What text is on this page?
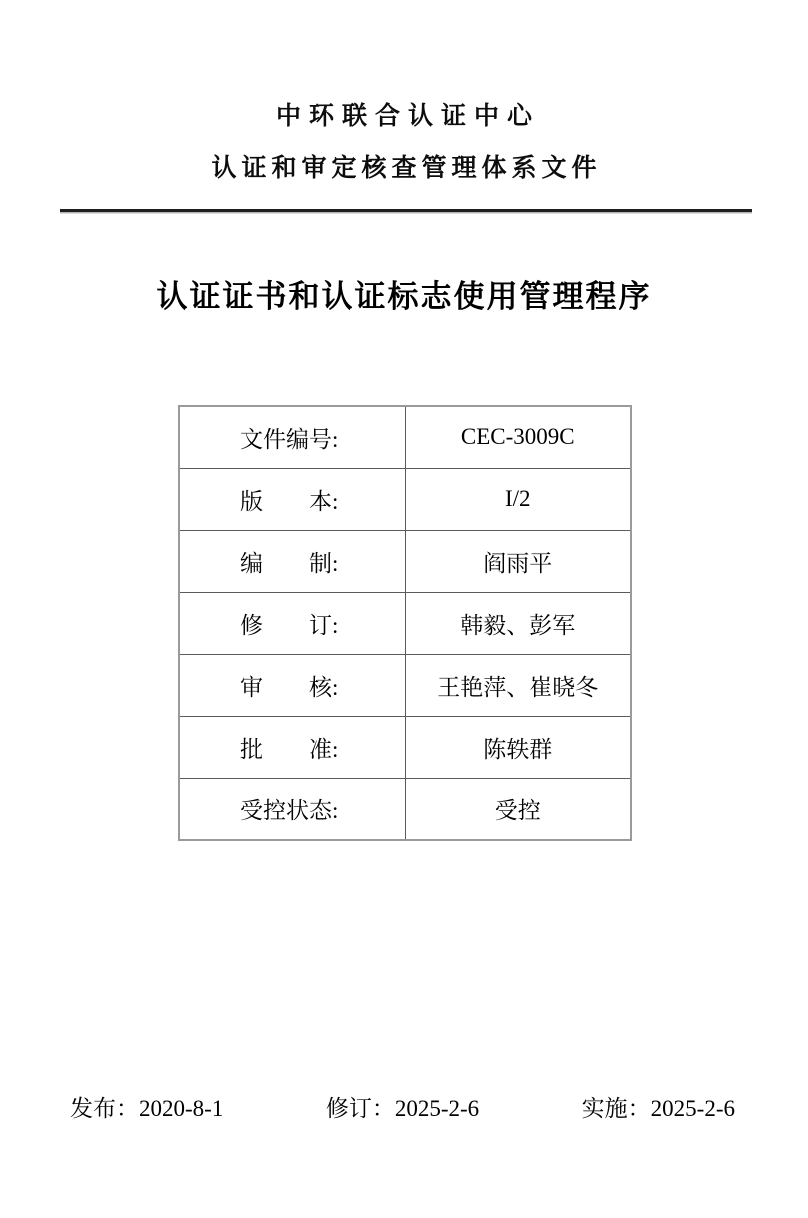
中环联合认证中心
认证和审定核查管理体系文件
认证证书和认证标志使用管理程序
文件编号:	CEC-3009C
版　　本:	I/2
编　　制:	阎雨平
修　　订:	韩毅、彭军
审　　核:	王艳萍、崔晓冬
批　　准:	陈轶群
受控状态:	受控
发布：2020-8-1	修订：2025-2-6	实施：2025-2-6
